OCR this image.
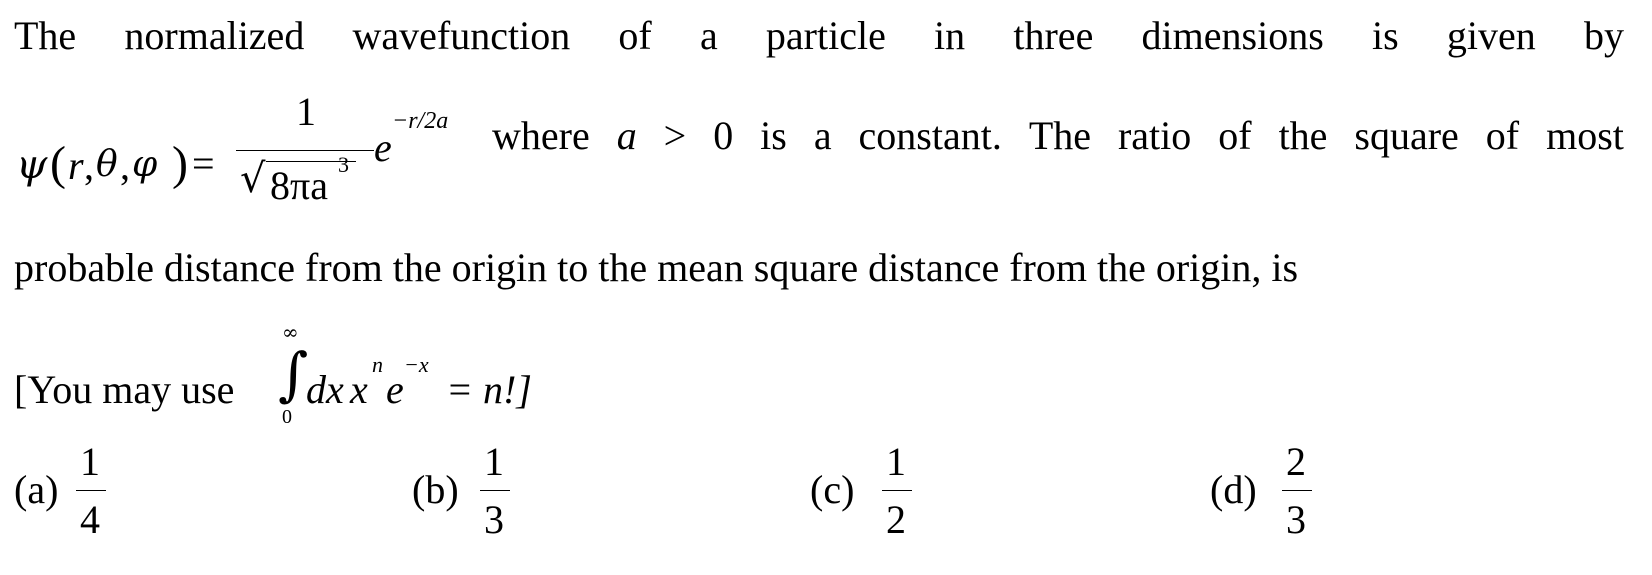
The normalized wavefunction of a particle in three dimensions is given by
ψ ( r , θ , φ ) =
1
√ 8πa 3 e
−r/2a where a > 0 is a constant. The ratio of the square of most
probable distance from the origin to the mean square distance from the origin, is
[You may use
∞
∫
0
dx x
n
e
−x
= n!]
(a)
1
4
(b)
1
3
(c)
1
2
(d)
2
3
